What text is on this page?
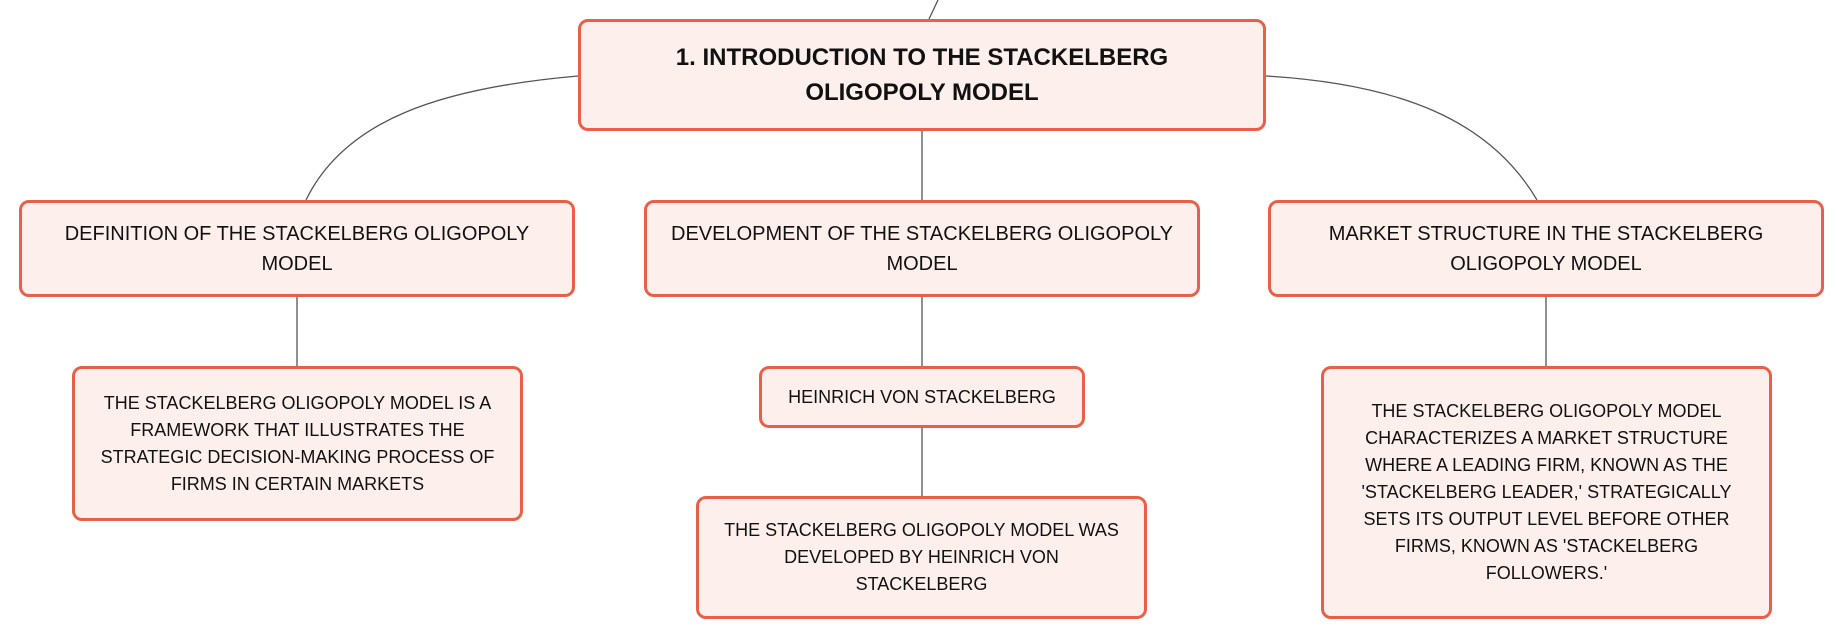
1. INTRODUCTION TO THE STACKELBERG OLIGOPOLY MODEL
DEFINITION OF THE STACKELBERG OLIGOPOLY MODEL
DEVELOPMENT OF THE STACKELBERG OLIGOPOLY MODEL
MARKET STRUCTURE IN THE STACKELBERG OLIGOPOLY MODEL
THE STACKELBERG OLIGOPOLY MODEL IS A FRAMEWORK THAT ILLUSTRATES THE STRATEGIC DECISION-MAKING PROCESS OF FIRMS IN CERTAIN MARKETS
HEINRICH VON STACKELBERG
THE STACKELBERG OLIGOPOLY MODEL WAS DEVELOPED BY HEINRICH VON STACKELBERG
THE STACKELBERG OLIGOPOLY MODEL CHARACTERIZES A MARKET STRUCTURE WHERE A LEADING FIRM, KNOWN AS THE 'STACKELBERG LEADER,' STRATEGICALLY SETS ITS OUTPUT LEVEL BEFORE OTHER FIRMS, KNOWN AS 'STACKELBERG FOLLOWERS.'
